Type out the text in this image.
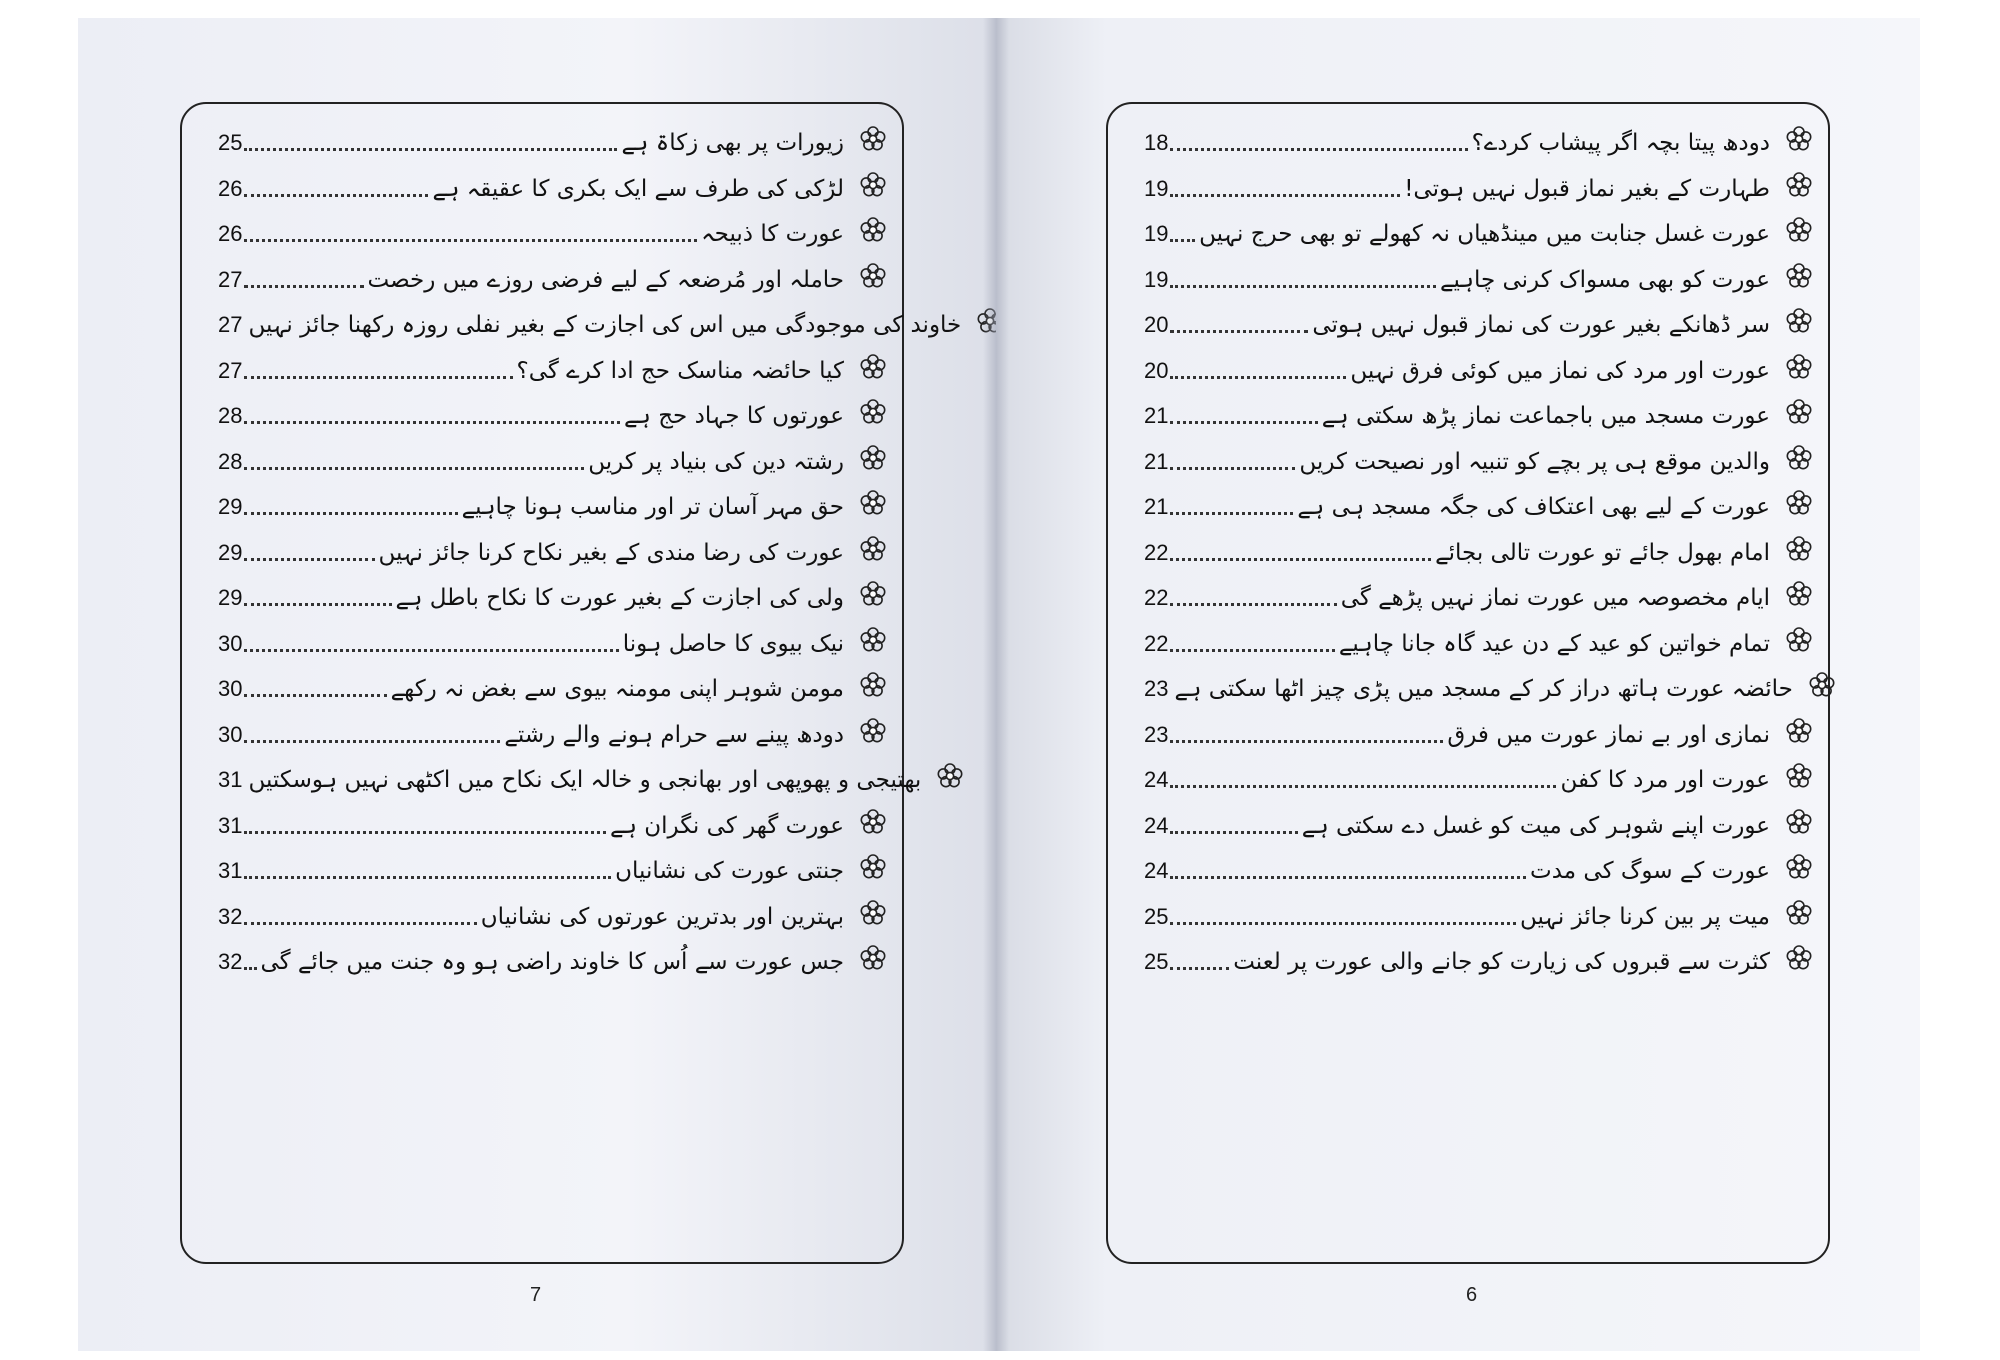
25	زیورات پر بھی زکاۃ ہے
26	لڑکی کی طرف سے ایک بکری کا عقیقہ ہے
26	عورت کا ذبیحہ
27	حاملہ اور مُرضعہ کے لیے فرضی روزے میں رخصت
27 خاوند کی موجودگی میں اس کی اجازت کے بغیر نفلی روزہ رکھنا جائز نہیں
27	کیا حائضہ مناسک حج ادا کرے گی؟
28	عورتوں کا جہاد حج ہے
28	رشتہ دین کی بنیاد پر کریں
29	حق مہر آسان تر اور مناسب ہونا چاہیے
29	عورت کی رضا مندی کے بغیر نکاح کرنا جائز نہیں
29	ولی کی اجازت کے بغیر عورت کا نکاح باطل ہے
30	نیک بیوی کا حاصل ہونا
30	مومن شوہر اپنی مومنہ بیوی سے بغض نہ رکھے
30	دودھ پینے سے حرام ہونے والے رشتے
31 بھتیجی و پھوپھی اور بھانجی و خالہ ایک نکاح میں اکٹھی نہیں ہوسکتیں
31	عورت گھر کی نگران ہے
31	جنتی عورت کی نشانیاں
32	بہترین اور بدترین عورتوں کی نشانیاں
32 جس عورت سے اُس کا خاوند راضی ہو وہ جنت میں جائے گی
7
18	دودھ پیتا بچہ اگر پیشاب کردے؟
19	طہارت کے بغیر نماز قبول نہیں ہوتی!
19 عورت غسل جنابت میں مینڈھیاں نہ کھولے تو بھی حرج نہیں
19	عورت کو بھی مسواک کرنی چاہیے
20	سر ڈھانکے بغیر عورت کی نماز قبول نہیں ہوتی
20	عورت اور مرد کی نماز میں کوئی فرق نہیں
21	عورت مسجد میں باجماعت نماز پڑھ سکتی ہے
21	والدین موقع ہی پر بچے کو تنبیہ اور نصیحت کریں
21	عورت کے لیے بھی اعتکاف کی جگہ مسجد ہی ہے
22	امام بھول جائے تو عورت تالی بجائے
22	ایام مخصوصہ میں عورت نماز نہیں پڑھے گی
22	تمام خواتین کو عید کے دن عید گاہ جانا چاہیے
23 حائضہ عورت ہاتھ دراز کر کے مسجد میں پڑی چیز اٹھا سکتی ہے
23	نمازی اور بے نماز عورت میں فرق
24	عورت اور مرد کا کفن
24	عورت اپنے شوہر کی میت کو غسل دے سکتی ہے
24	عورت کے سوگ کی مدت
25	میت پر بین کرنا جائز نہیں
25	کثرت سے قبروں کی زیارت کو جانے والی عورت پر لعنت
6
